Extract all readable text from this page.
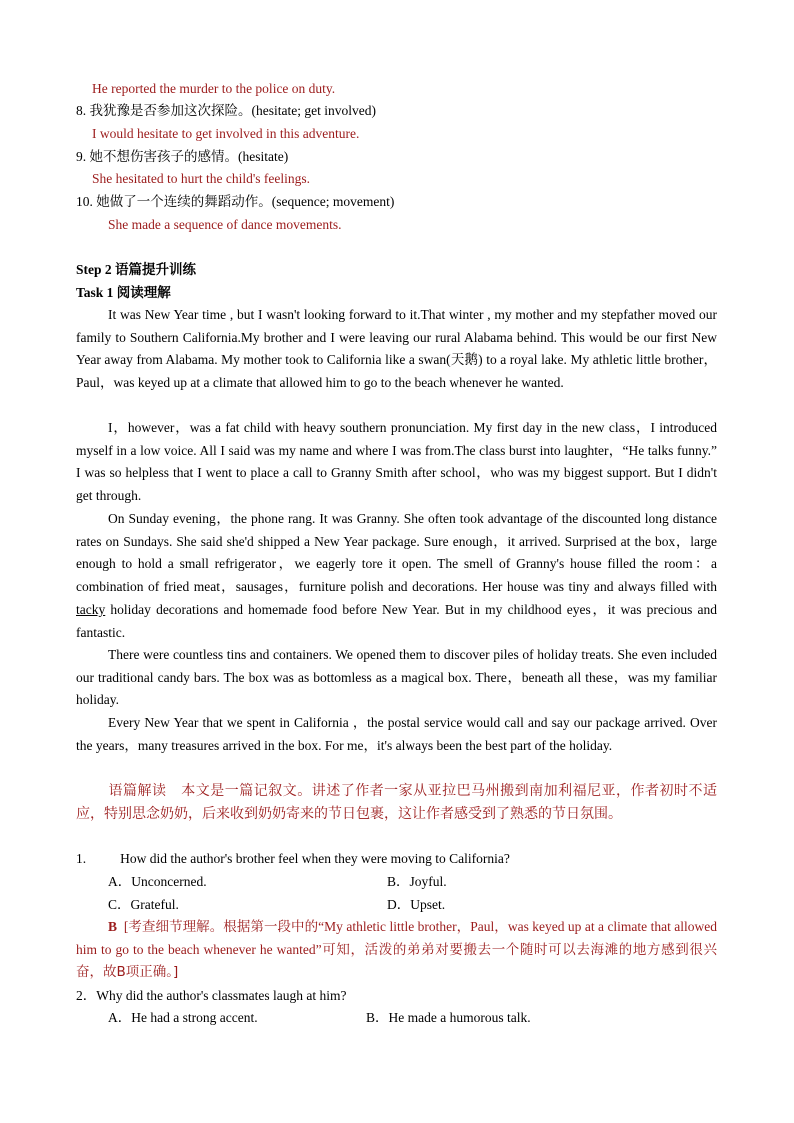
He reported the murder to the police on duty.
8. 我犹豫是否参加这次探险。(hesitate; get involved)
I would hesitate to get involved in this adventure.
9. 她不想伤害孩子的感情。(hesitate)
She hesitated to hurt the child's feelings.
10. 她做了一个连续的舞蹈动作。(sequence; movement)
She made a sequence of dance movements.
Step 2 语篇提升训练
Task 1 阅读理解
It was New Year time , but I wasn't looking forward to it.That winter , my mother and my stepfather moved our family to Southern California.My brother and I were leaving our rural Alabama behind. This would be our first New Year away from Alabama. My mother took to California like a swan(天鹅) to a royal lake. My athletic little brother，Paul，was keyed up at a climate that allowed him to go to the beach whenever he wanted.
I，however，was a fat child with heavy southern pronunciation. My first day in the new class，I introduced myself in a low voice. All I said was my name and where I was from.The class burst into laughter，“He talks funny.” I was so helpless that I went to place a call to Granny Smith after school，who was my biggest support. But I didn't get through.
On Sunday evening，the phone rang. It was Granny. She often took advantage of the discounted long distance rates on Sundays. She said she'd shipped a New Year package. Sure enough，it arrived. Surprised at the box，large enough to hold a small refrigerator，we eagerly tore it open. The smell of Granny's house filled the room：a combination of fried meat，sausages，furniture polish and decorations. Her house was tiny and always filled with tacky holiday decorations and homemade food before New Year. But in my childhood eyes，it was precious and fantastic.
There were countless tins and containers. We opened them to discover piles of holiday treats. She even included our traditional candy bars. The box was as bottomless as a magical box. There，beneath all these，was my familiar holiday.
Every New Year that we spent in California ，the postal service would call and say our package arrived. Over the years，many treasures arrived in the box. For me，it's always been the best part of the holiday.
语篇解读 本文是一篇记叙文。讲述了作者一家从亚拉巴马州搬到南加利福尼亚，作者初时不适应，特别思念奶奶，后来收到奶奶寄来的节日包裹，这让作者感受到了熟悉的节日氛围。
1.	How did the author's brother feel when they were moving to California?
A．Unconcerned.	B．Joyful.
C．Grateful.	D．Upset.
B [考查细节理解。根据第一段中的“My athletic little brother，Paul，was keyed up at a climate that allowed him to go to the beach whenever he wanted”可知，活泼的弟弟对要搬去一个随时可以去海滩的地方感到很兴奋，故B项正确。]
2．Why did the author's classmates laugh at him?
A．He had a strong accent.	B．He made a humorous talk.
